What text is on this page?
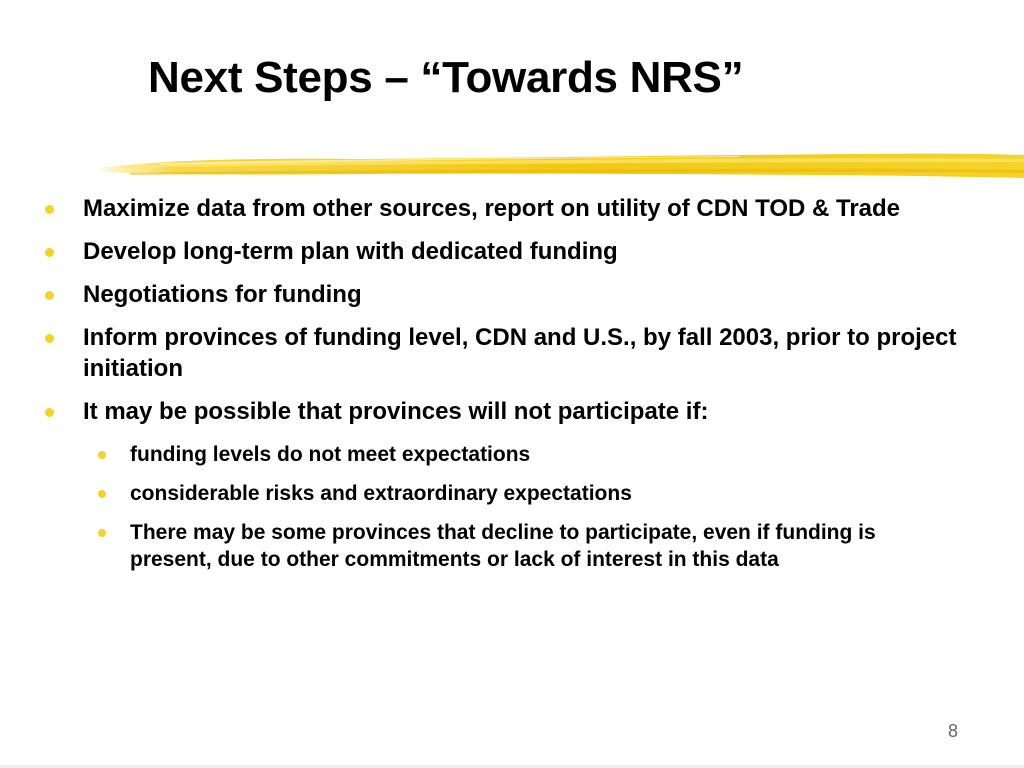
Next Steps – “Towards NRS”
Maximize data from other sources, report on utility of CDN TOD & Trade
Develop long-term plan with dedicated funding
Negotiations for funding
Inform provinces of funding level, CDN and U.S., by fall 2003, prior to project initiation
It may be possible that provinces will not participate if:
funding levels do not meet expectations
considerable risks and extraordinary expectations
There may be some provinces that decline to participate, even if funding is present, due to other commitments or lack of interest in this data
8
